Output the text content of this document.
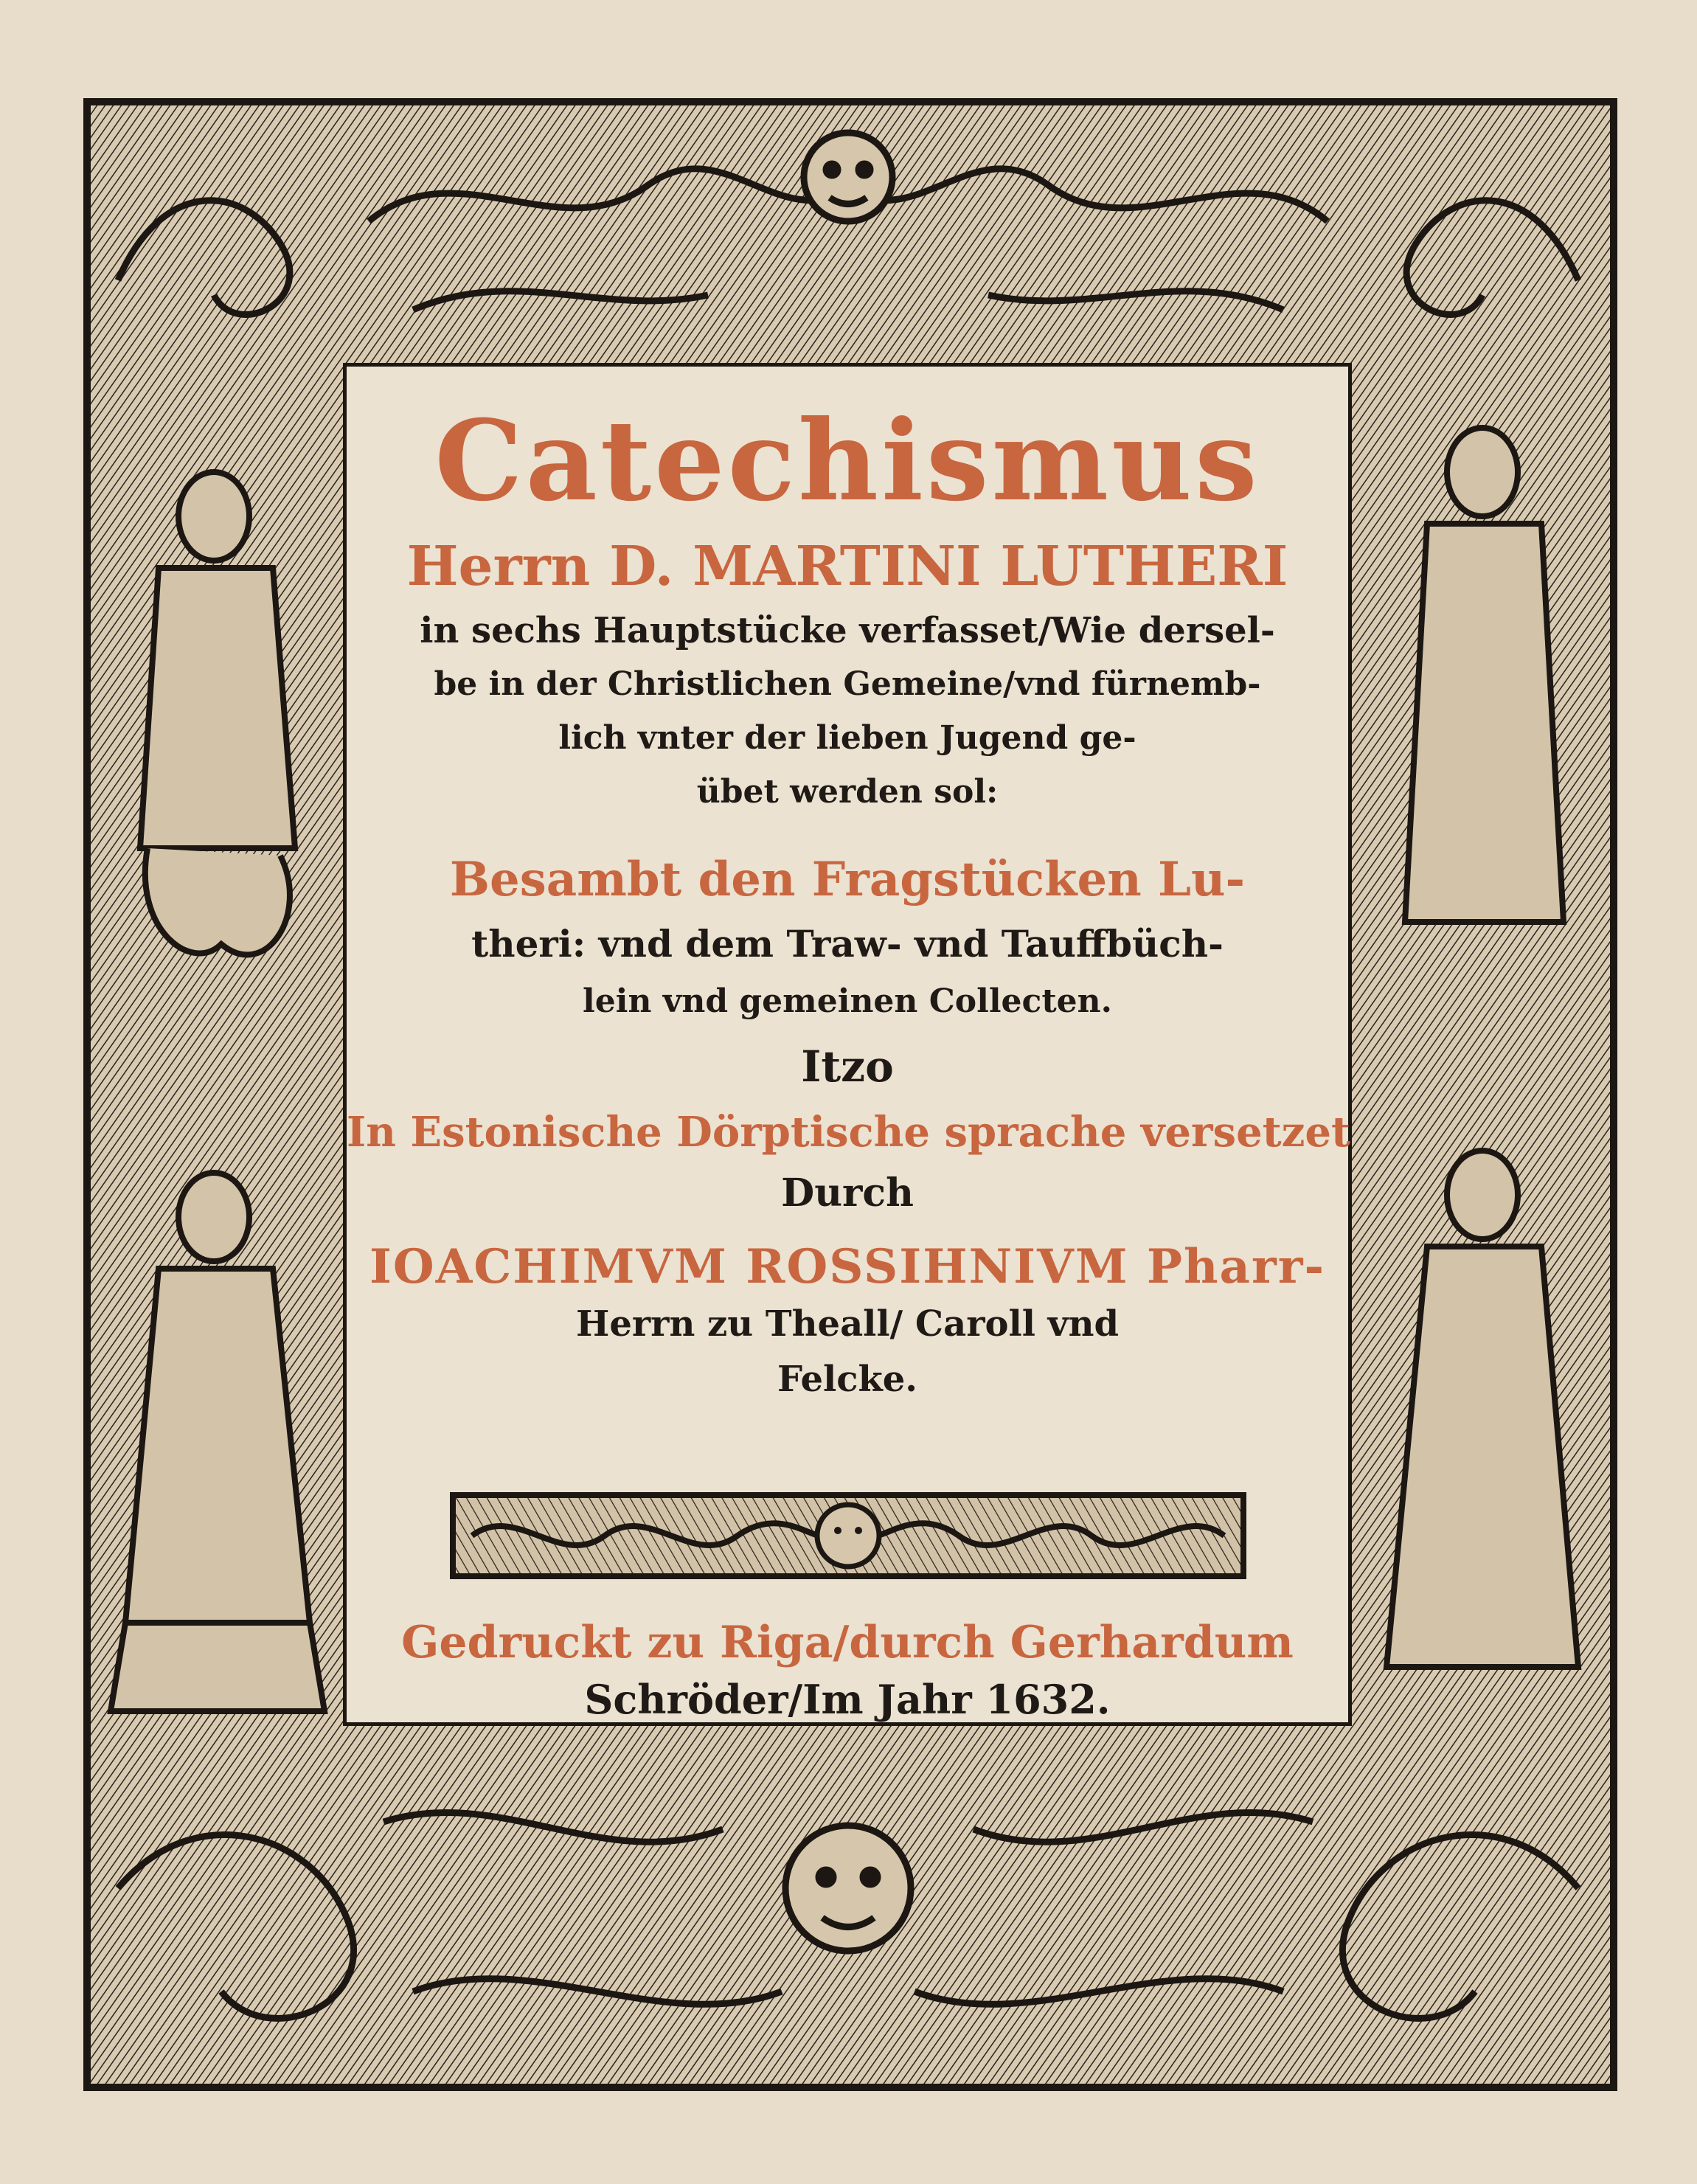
Catechismus
Herrn D. MARTINI LUTHERI
in sechs Hauptstücke verfasset/Wie dersel-
be in der Christlichen Gemeine/vnd fürnemb-
lich vnter der lieben Jugend ge-
übet werden sol:
Besambt den Fragstücken Lu-
theri: vnd dem Traw- vnd Tauffbüch-
lein vnd gemeinen Collecten.
Itzo
In Estonische Dörptische sprache versetzet
Durch
IOACHIMVM ROSSIHNIVM Pharr-
Herrn zu Theall/ Caroll vnd
Felcke.
Gedruckt zu Riga/durch Gerhardum
Schröder/Im Jahr 1632.
